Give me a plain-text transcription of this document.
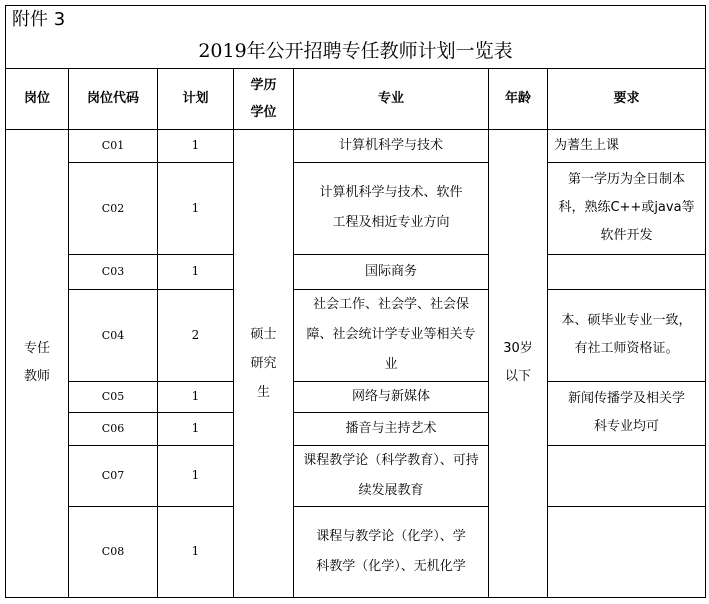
附件 3						
2019年公开招聘专任教师计划一览表						
岗位	岗位代码	计划	学历学位	专业	年龄	要求

专任教师	C01	1	硕士研究生	计算机科学与技术	30岁以下	为蓍生上课
	C02	1		计算机科学与技术、软件工程及相近专业方向		第一学历为全日制本科，熟练C++或java等软件开发

	C03	1		国际商务		
	C04	2		社会工作、社会学、社会保障、社会统计学专业等相关专业		本、硕毕业专业一致，有社工师资格证。

	C05	1		网络与新媒体		新闻传播学及相关学科专业均可

	C06	1		播音与主持艺术		
	C07	1		课程教学论（科学教育）、可持续发展教育		

	C08	1		课程与教学论（化学）、学科教学（化学）、无机化学		
